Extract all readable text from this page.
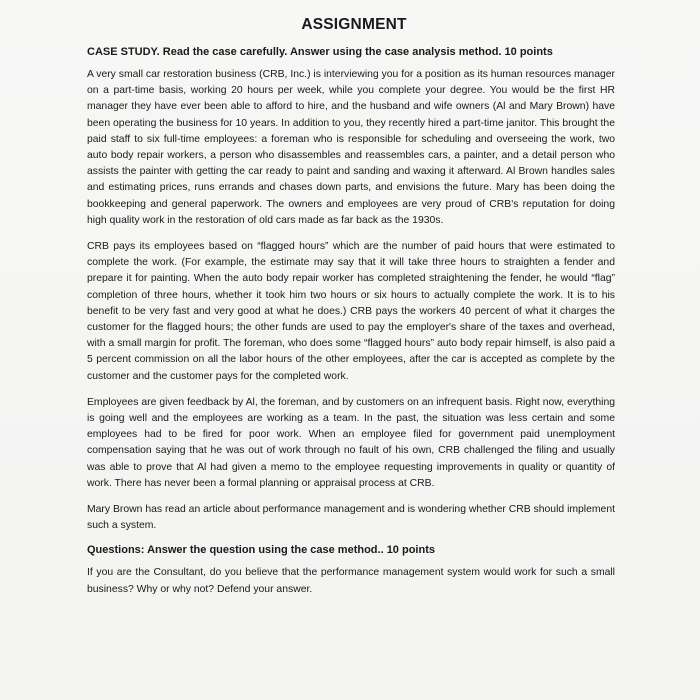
ASSIGNMENT
CASE STUDY. Read the case carefully. Answer using the case analysis method. 10 points

A very small car restoration business (CRB, Inc.) is interviewing you for a position as its human resources manager on a part-time basis, working 20 hours per week, while you complete your degree. You would be the first HR manager they have ever been able to afford to hire, and the husband and wife owners (Al and Mary Brown) have been operating the business for 10 years. In addition to you, they recently hired a part-time janitor. This brought the paid staff to six full-time employees: a foreman who is responsible for scheduling and overseeing the work, two auto body repair workers, a person who disassembles and reassembles cars, a painter, and a detail person who assists the painter with getting the car ready to paint and sanding and waxing it afterward. Al Brown handles sales and estimating prices, runs errands and chases down parts, and envisions the future. Mary has been doing the bookkeeping and general paperwork. The owners and employees are very proud of CRB's reputation for doing high quality work in the restoration of old cars made as far back as the 1930s.

CRB pays its employees based on “flagged hours” which are the number of paid hours that were estimated to complete the work. (For example, the estimate may say that it will take three hours to straighten a fender and prepare it for painting. When the auto body repair worker has completed straightening the fender, he would “flag” completion of three hours, whether it took him two hours or six hours to actually complete the work. It is to his benefit to be very fast and very good at what he does.) CRB pays the workers 40 percent of what it charges the customer for the flagged hours; the other funds are used to pay the employer's share of the taxes and overhead, with a small margin for profit. The foreman, who does some “flagged hours” auto body repair himself, is also paid a 5 percent commission on all the labor hours of the other employees, after the car is accepted as complete by the customer and the customer pays for the completed work.

Employees are given feedback by Al, the foreman, and by customers on an infrequent basis. Right now, everything is going well and the employees are working as a team. In the past, the situation was less certain and some employees had to be fired for poor work. When an employee filed for government paid unemployment compensation saying that he was out of work through no fault of his own, CRB challenged the filing and usually was able to prove that Al had given a memo to the employee requesting improvements in quality or quantity of work. There has never been a formal planning or appraisal process at CRB.

Mary Brown has read an article about performance management and is wondering whether CRB should implement such a system.

Questions: Answer the question using the case method.. 10 points

If you are the Consultant, do you believe that the performance management system would work for such a small business? Why or why not? Defend your answer.
